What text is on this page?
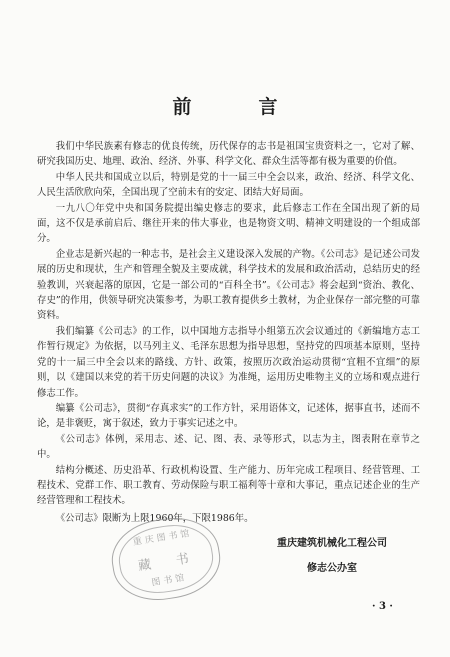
前　言

我们中华民族素有修志的优良传统，历代保存的志书是祖国宝贵资料之一，它对了解、研究我国历史、地理、政治、经济、外事、科学文化、群众生活等都有极为重要的价值。

中华人民共和国成立以后，特别是党的十一届三中全会以来，政治、经济、科学文化、人民生活欣欣向荣，全国出现了空前未有的安定、团结大好局面。

一九八〇年党中央和国务院提出编史修志的要求，此后修志工作在全国出现了新的局面，这不仅是承前启后、继往开来的伟大事业，也是物资文明、精神文明建设的一个组成部分。

企业志是新兴起的一种志书，是社会主义建设深入发展的产物。《公司志》是记述公司发展的历史和现状，生产和管理全貌及主要成就，科学技术的发展和政治活动，总结历史的经验教训，兴衰起落的原因，它是一部公司的“百科全书”。《公司志》将会起到“资治、教化、存史”的作用，供领导研究决策参考，为职工教育提供乡土教材，为企业保存一部完整的可靠资料。

我们编纂《公司志》的工作，以中国地方志指导小组第五次会议通过的《新编地方志工作暂行规定》为依据，以马列主义、毛泽东思想为指导思想，坚持党的四项基本原则，坚持党的十一届三中全会以来的路线、方针、政策，按照历次政治运动贯彻“宜粗不宜细”的原则，以《建国以来党的若干历史问题的决议》为准绳，运用历史唯物主义的立场和观点进行修志工作。

编纂《公司志》，贯彻“存真求实”的工作方针，采用语体文，记述体，据事直书，述而不论，是非褒贬，寓于叙述，致力于事实记述之中。

《公司志》体例，采用志、述、记、图、表、录等形式，以志为主，图表附在章节之中。

结构分概述、历史沿革、行政机构设置、生产能力、历年完成工程项目、经营管理、工程技术、党群工作、职工教育、劳动保险与职工福利等十章和大事记，重点记述企业的生产经营管理和工程技术。

《公司志》限断为上限1960年，下限1986年。

重庆图书馆
藏　书
图书馆
重庆建筑机械化工程公司
修志公办室
· 3 ·
